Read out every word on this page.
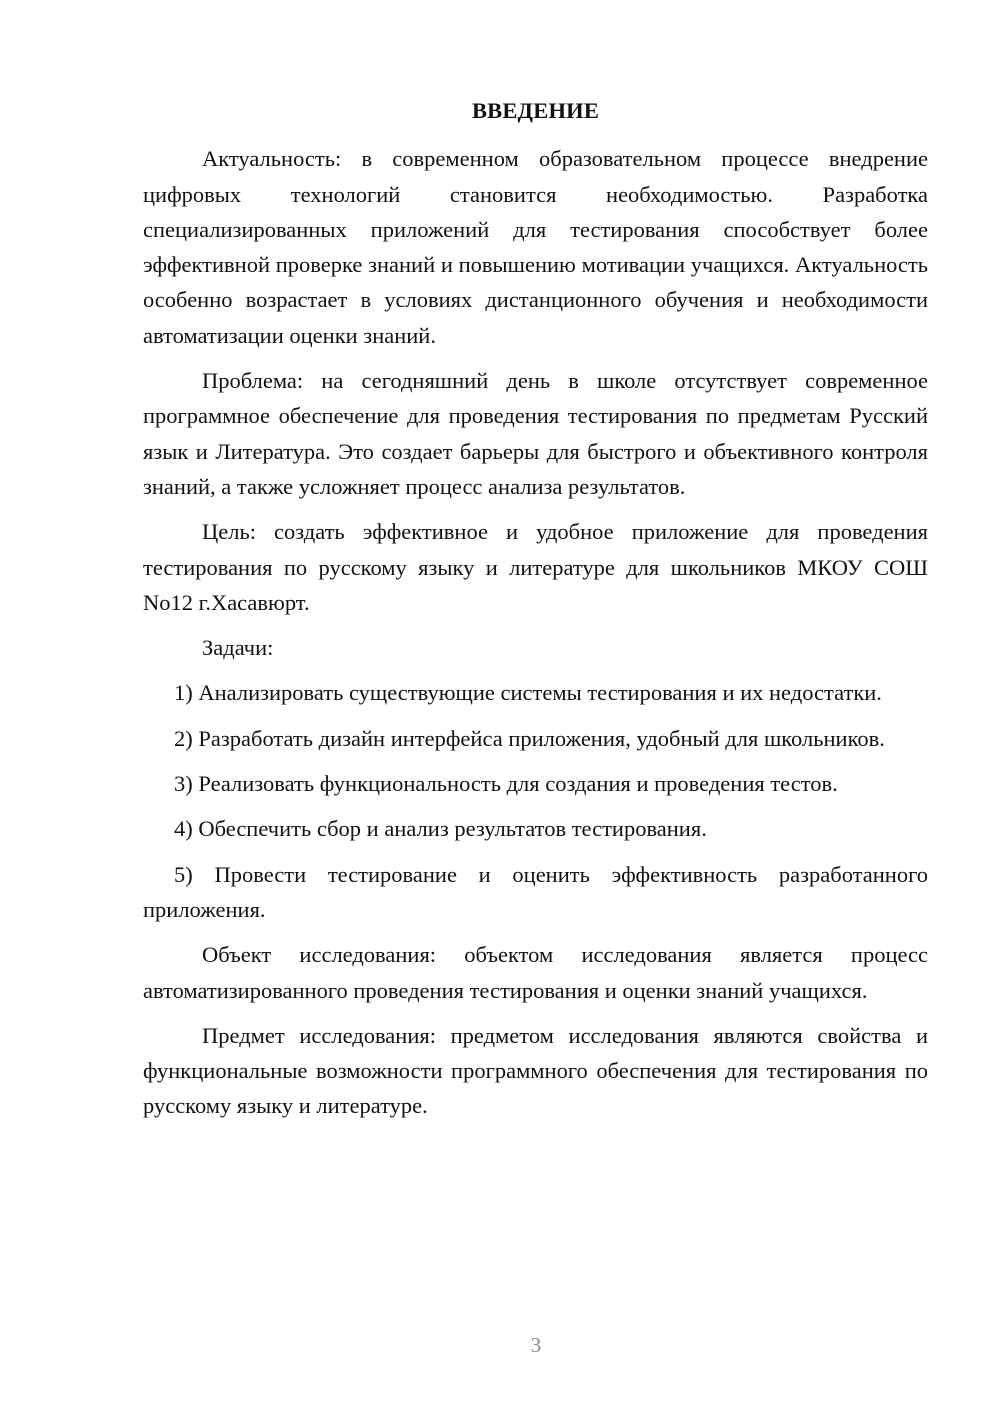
ВВЕДЕНИЕ

Актуальность: в современном образовательном процессе внедрение цифровых технологий становится необходимостью. Разработка специализированных приложений для тестирования способствует более эффективной проверке знаний и повышению мотивации учащихся. Актуальность особенно возрастает в условиях дистанционного обучения и необходимости автоматизации оценки знаний.

Проблема: на сегодняшний день в школе отсутствует современное программное обеспечение для проведения тестирования по предметам Русский язык и Литература. Это создает барьеры для быстрого и объективного контроля знаний, а также усложняет процесс анализа результатов.

Цель: создать эффективное и удобное приложение для проведения тестирования по русскому языку и литературе для школьников МКОУ СОШ No12 г.Хасавюрт.

Задачи:

1) Анализировать существующие системы тестирования и их недостатки.

2) Разработать дизайн интерфейса приложения, удобный для школьников.

3) Реализовать функциональность для создания и проведения тестов.

4) Обеспечить сбор и анализ результатов тестирования.

5) Провести тестирование и оценить эффективность разработанного приложения.

Объект исследования: объектом исследования является процесс автоматизированного проведения тестирования и оценки знаний учащихся.

Предмет исследования: предметом исследования являются свойства и функциональные возможности программного обеспечения для тестирования по русскому языку и литературе.

3
